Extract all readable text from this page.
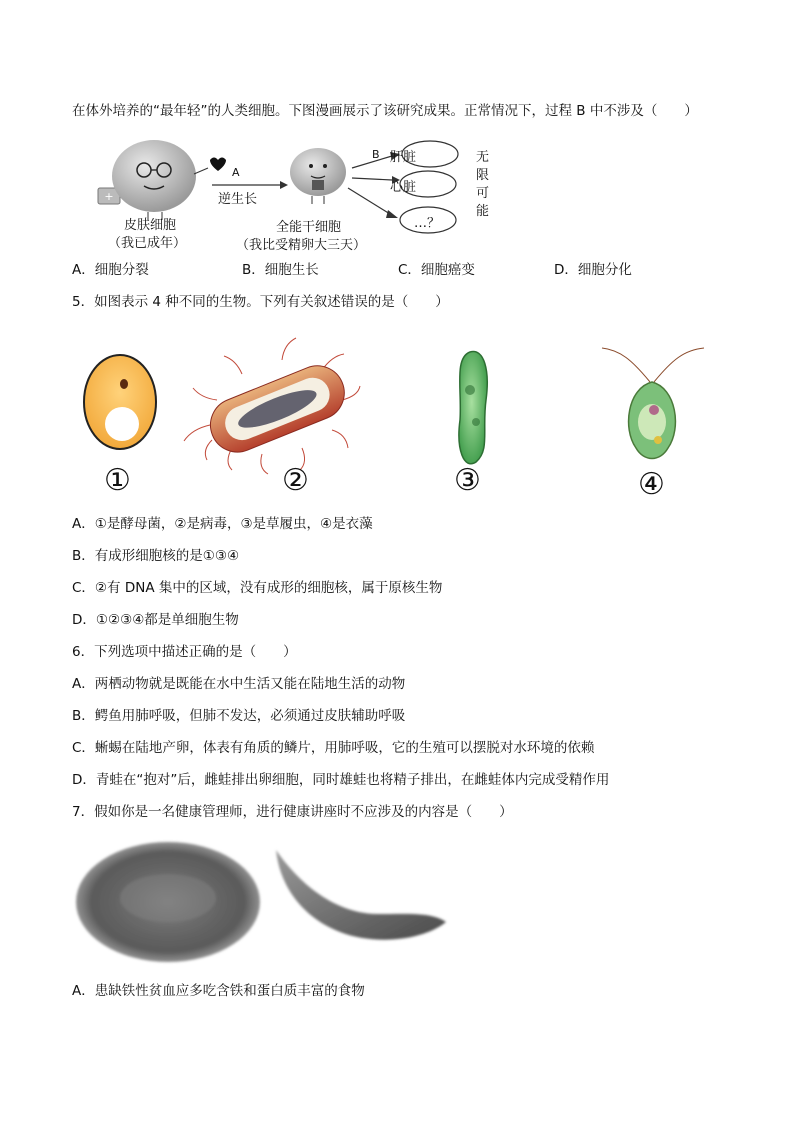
在体外培养的“最年轻”的人类细胞。下图漫画展示了该研究成果。正常情况下，过程 B 中不涉及（　　）
+
肝脏
心脏
…？
A
逆生长
B
皮肤细胞
（我已成年）
全能干细胞
（我比受精卵大三天）
无
限
可
能
A．细胞分裂	B．细胞生长	C．细胞癌变	D．细胞分化
5．如图表示 4 种不同的生物。下列有关叙述错误的是（　　）
①	②	③	④
A．①是酵母菌，②是病毒，③是草履虫，④是衣藻
B．有成形细胞核的是①③④
C．②有 DNA 集中的区域，没有成形的细胞核，属于原核生物
D．①②③④都是单细胞生物
6．下列选项中描述正确的是（　　）
A．两栖动物就是既能在水中生活又能在陆地生活的动物
B．鳄鱼用肺呼吸，但肺不发达，必须通过皮肤辅助呼吸
C．蜥蜴在陆地产卵，体表有角质的鳞片，用肺呼吸，它的生殖可以摆脱对水环境的依赖
D．青蛙在“抱对”后，雌蛙排出卵细胞，同时雄蛙也将精子排出，在雌蛙体内完成受精作用
7．假如你是一名健康管理师，进行健康讲座时不应涉及的内容是（　　）
A．患缺铁性贫血应多吃含铁和蛋白质丰富的食物
